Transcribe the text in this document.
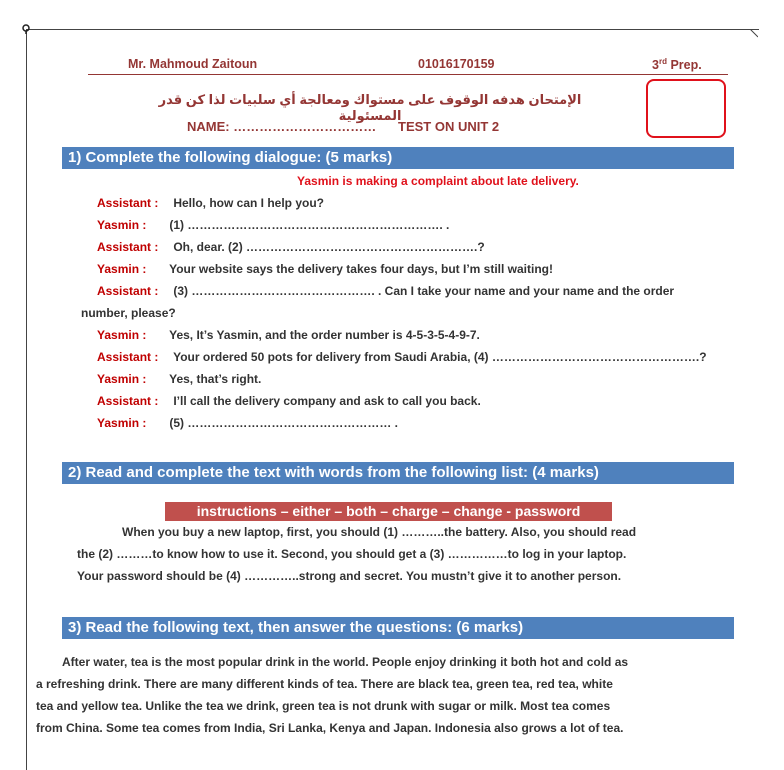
Mr. Mahmoud Zaitoun	01016170159	3rd Prep.
الإمتحان هدفه الوقوف على مستواك ومعالجة أي سلبيات لذا كن قدر المسئولية
NAME: …………………………… TEST ON UNIT 2
1) Complete the following dialogue: (5 marks)
Yasmin is making a complaint about late delivery.
Assistant : Hello, how can I help you?
Yasmin : (1) ………………………………………………………. .
Assistant : Oh, dear. (2) ………………………………………………….?
Yasmin : Your website says the delivery takes four days, but I’m still waiting!
Assistant : (3) ………………………………………. . Can I take your name and your name and the order
number, please?
Yasmin : Yes, It’s Yasmin, and the order number is 4-5-3-5-4-9-7.
Assistant : Your ordered 50 pots for delivery from Saudi Arabia, (4) …………………………………………….?
Yasmin : Yes, that’s right.
Assistant : I’ll call the delivery company and ask to call you back.
Yasmin : (5) …………………………………………… .
2) Read and complete the text with words from the following list: (4 marks)
instructions – either – both – charge – change - password
When you buy a new laptop, first, you should (1) ………..the battery. Also, you should read
the (2) ………to know how to use it. Second, you should get a (3) ……………to log in your laptop.
Your password should be (4) …………..strong and secret. You mustn’t give it to another person.
3) Read the following text, then answer the questions: (6 marks)
After water, tea is the most popular drink in the world. People enjoy drinking it both hot and cold as
a refreshing drink. There are many different kinds of tea. There are black tea, green tea, red tea, white
tea and yellow tea. Unlike the tea we drink, green tea is not drunk with sugar or milk. Most tea comes
from China. Some tea comes from India, Sri Lanka, Kenya and Japan. Indonesia also grows a lot of tea.
